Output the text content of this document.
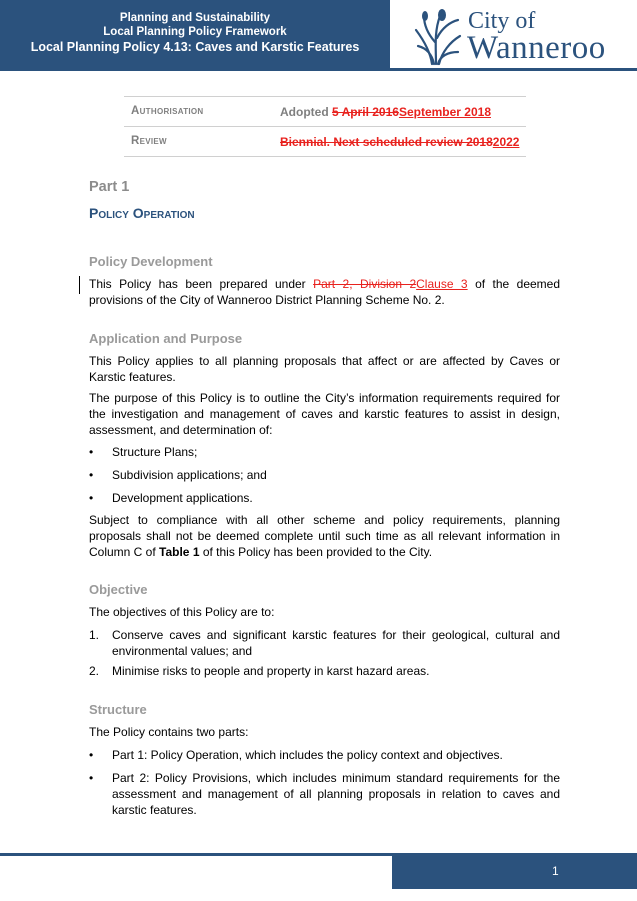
Planning and Sustainability
Local Planning Policy Framework
Local Planning Policy 4.13: Caves and Karstic Features
City of
Wanneroo
Authorisation	Adopted 5 April 2016September 2018
Review	Biennial. Next scheduled review 20182022
Part 1
Policy Operation
Policy Development
This Policy has been prepared under Part 2, Division 2Clause 3 of the deemed provisions of the City of Wanneroo District Planning Scheme No. 2.
Application and Purpose
This Policy applies to all planning proposals that affect or are affected by Caves or Karstic features.
The purpose of this Policy is to outline the City’s information requirements required for the investigation and management of caves and karstic features to assist in design, assessment, and determination of:
• Structure Plans;
• Subdivision applications; and
• Development applications.
Subject to compliance with all other scheme and policy requirements, planning proposals shall not be deemed complete until such time as all relevant information in Column C of Table 1 of this Policy has been provided to the City.
Objective
The objectives of this Policy are to:
1. Conserve caves and significant karstic features for their geological, cultural and environmental values; and
2. Minimise risks to people and property in karst hazard areas.
Structure
The Policy contains two parts:
• Part 1: Policy Operation, which includes the policy context and objectives.
• Part 2: Policy Provisions, which includes minimum standard requirements for the assessment and management of all planning proposals in relation to caves and karstic features.
1
